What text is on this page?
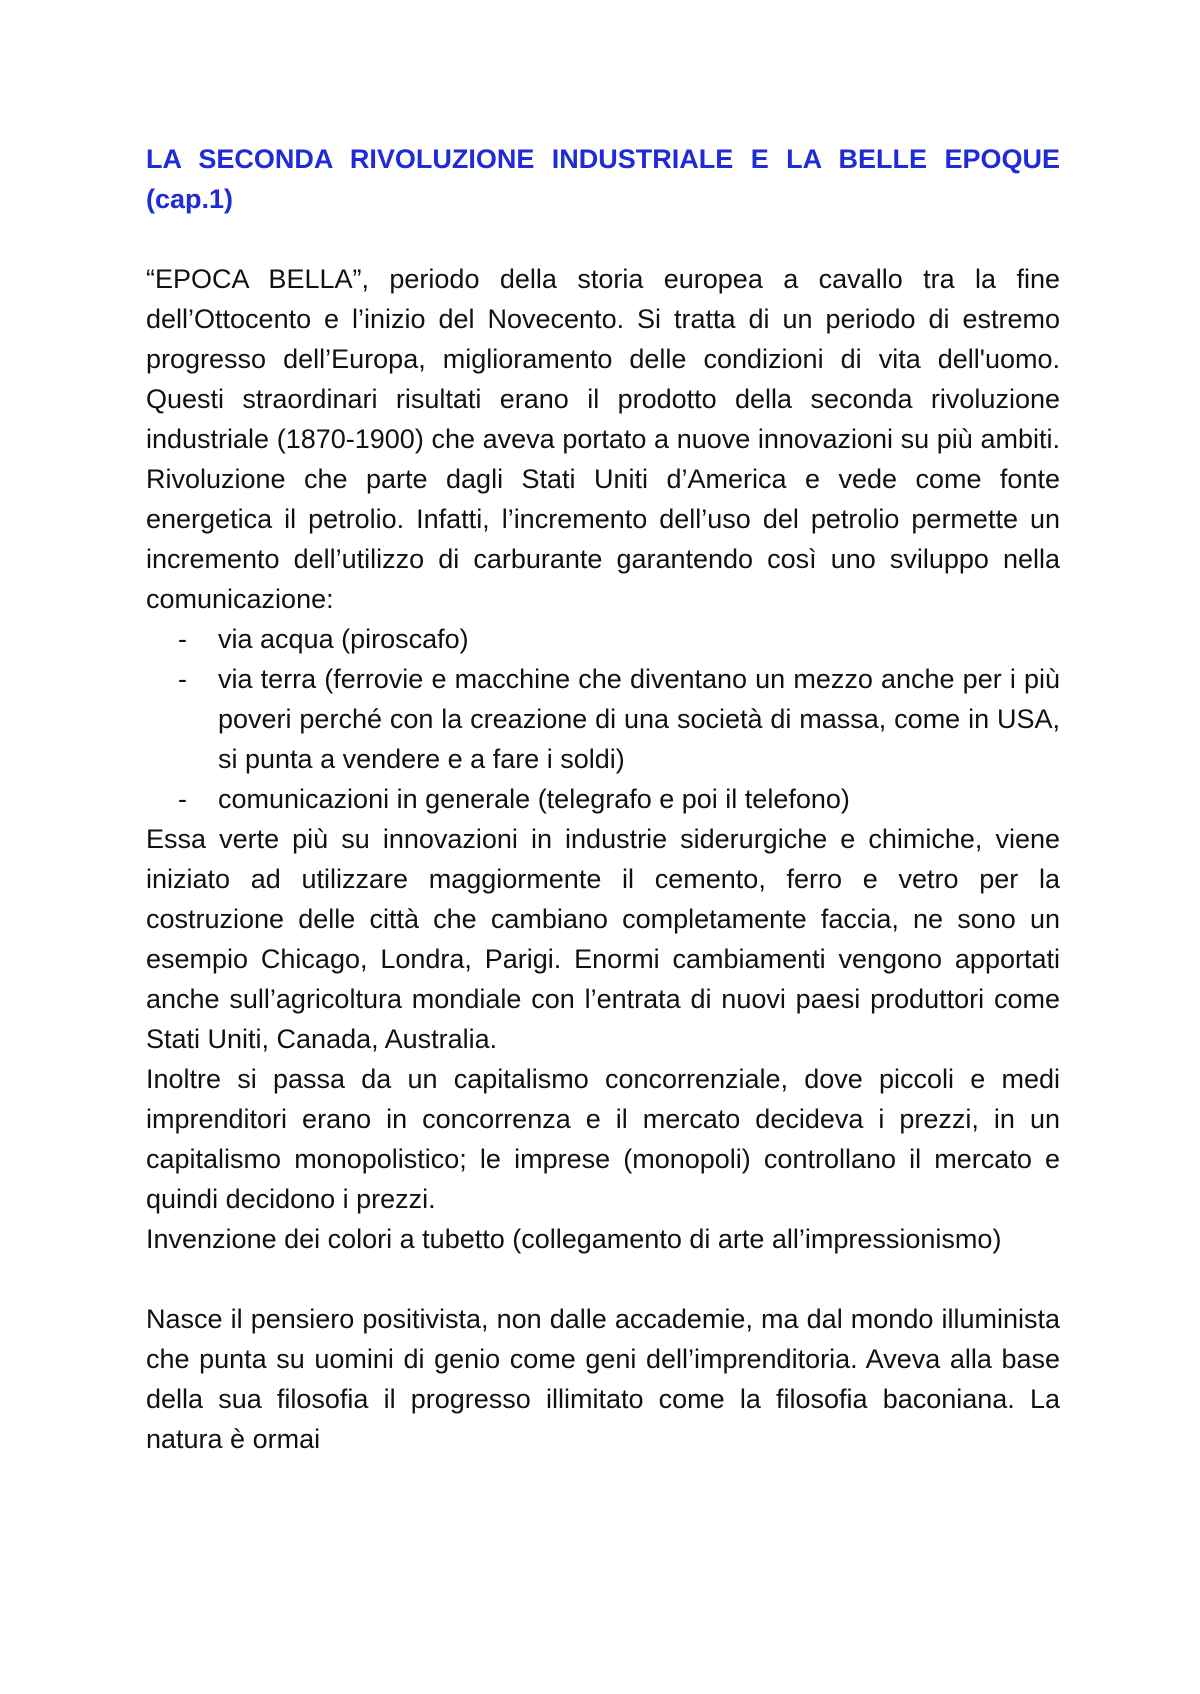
LA SECONDA RIVOLUZIONE INDUSTRIALE E LA BELLE EPOQUE (cap.1)

“EPOCA BELLA”, periodo della storia europea a cavallo tra la fine dell’Ottocento e l’inizio del Novecento. Si tratta di un periodo di estremo progresso dell’Europa, miglioramento delle condizioni di vita dell'uomo. Questi straordinari risultati erano il prodotto della seconda rivoluzione industriale (1870-1900) che aveva portato a nuove innovazioni su più ambiti. Rivoluzione che parte dagli Stati Uniti d’America e vede come fonte energetica il petrolio. Infatti, l’incremento dell’uso del petrolio permette un incremento dell’utilizzo di carburante garantendo così uno sviluppo nella comunicazione:

- via acqua (piroscafo)
- via terra (ferrovie e macchine che diventano un mezzo anche per i più poveri perché con la creazione di una società di massa, come in USA, si punta a vendere e a fare i soldi)
- comunicazioni in generale (telegrafo e poi il telefono)

Essa verte più su innovazioni in industrie siderurgiche e chimiche, viene iniziato ad utilizzare maggiormente il cemento, ferro e vetro per la costruzione delle città che cambiano completamente faccia, ne sono un esempio Chicago, Londra, Parigi. Enormi cambiamenti vengono apportati anche sull’agricoltura mondiale con l’entrata di nuovi paesi produttori come Stati Uniti, Canada, Australia.

Inoltre si passa da un capitalismo concorrenziale, dove piccoli e medi imprenditori erano in concorrenza e il mercato decideva i prezzi, in un capitalismo monopolistico; le imprese (monopoli) controllano il mercato e quindi decidono i prezzi.

Invenzione dei colori a tubetto (collegamento di arte all’impressionismo)

Nasce il pensiero positivista, non dalle accademie, ma dal mondo illuminista che punta su uomini di genio come geni dell’imprenditoria. Aveva alla base della sua filosofia il progresso illimitato come la filosofia baconiana. La natura è ormai
